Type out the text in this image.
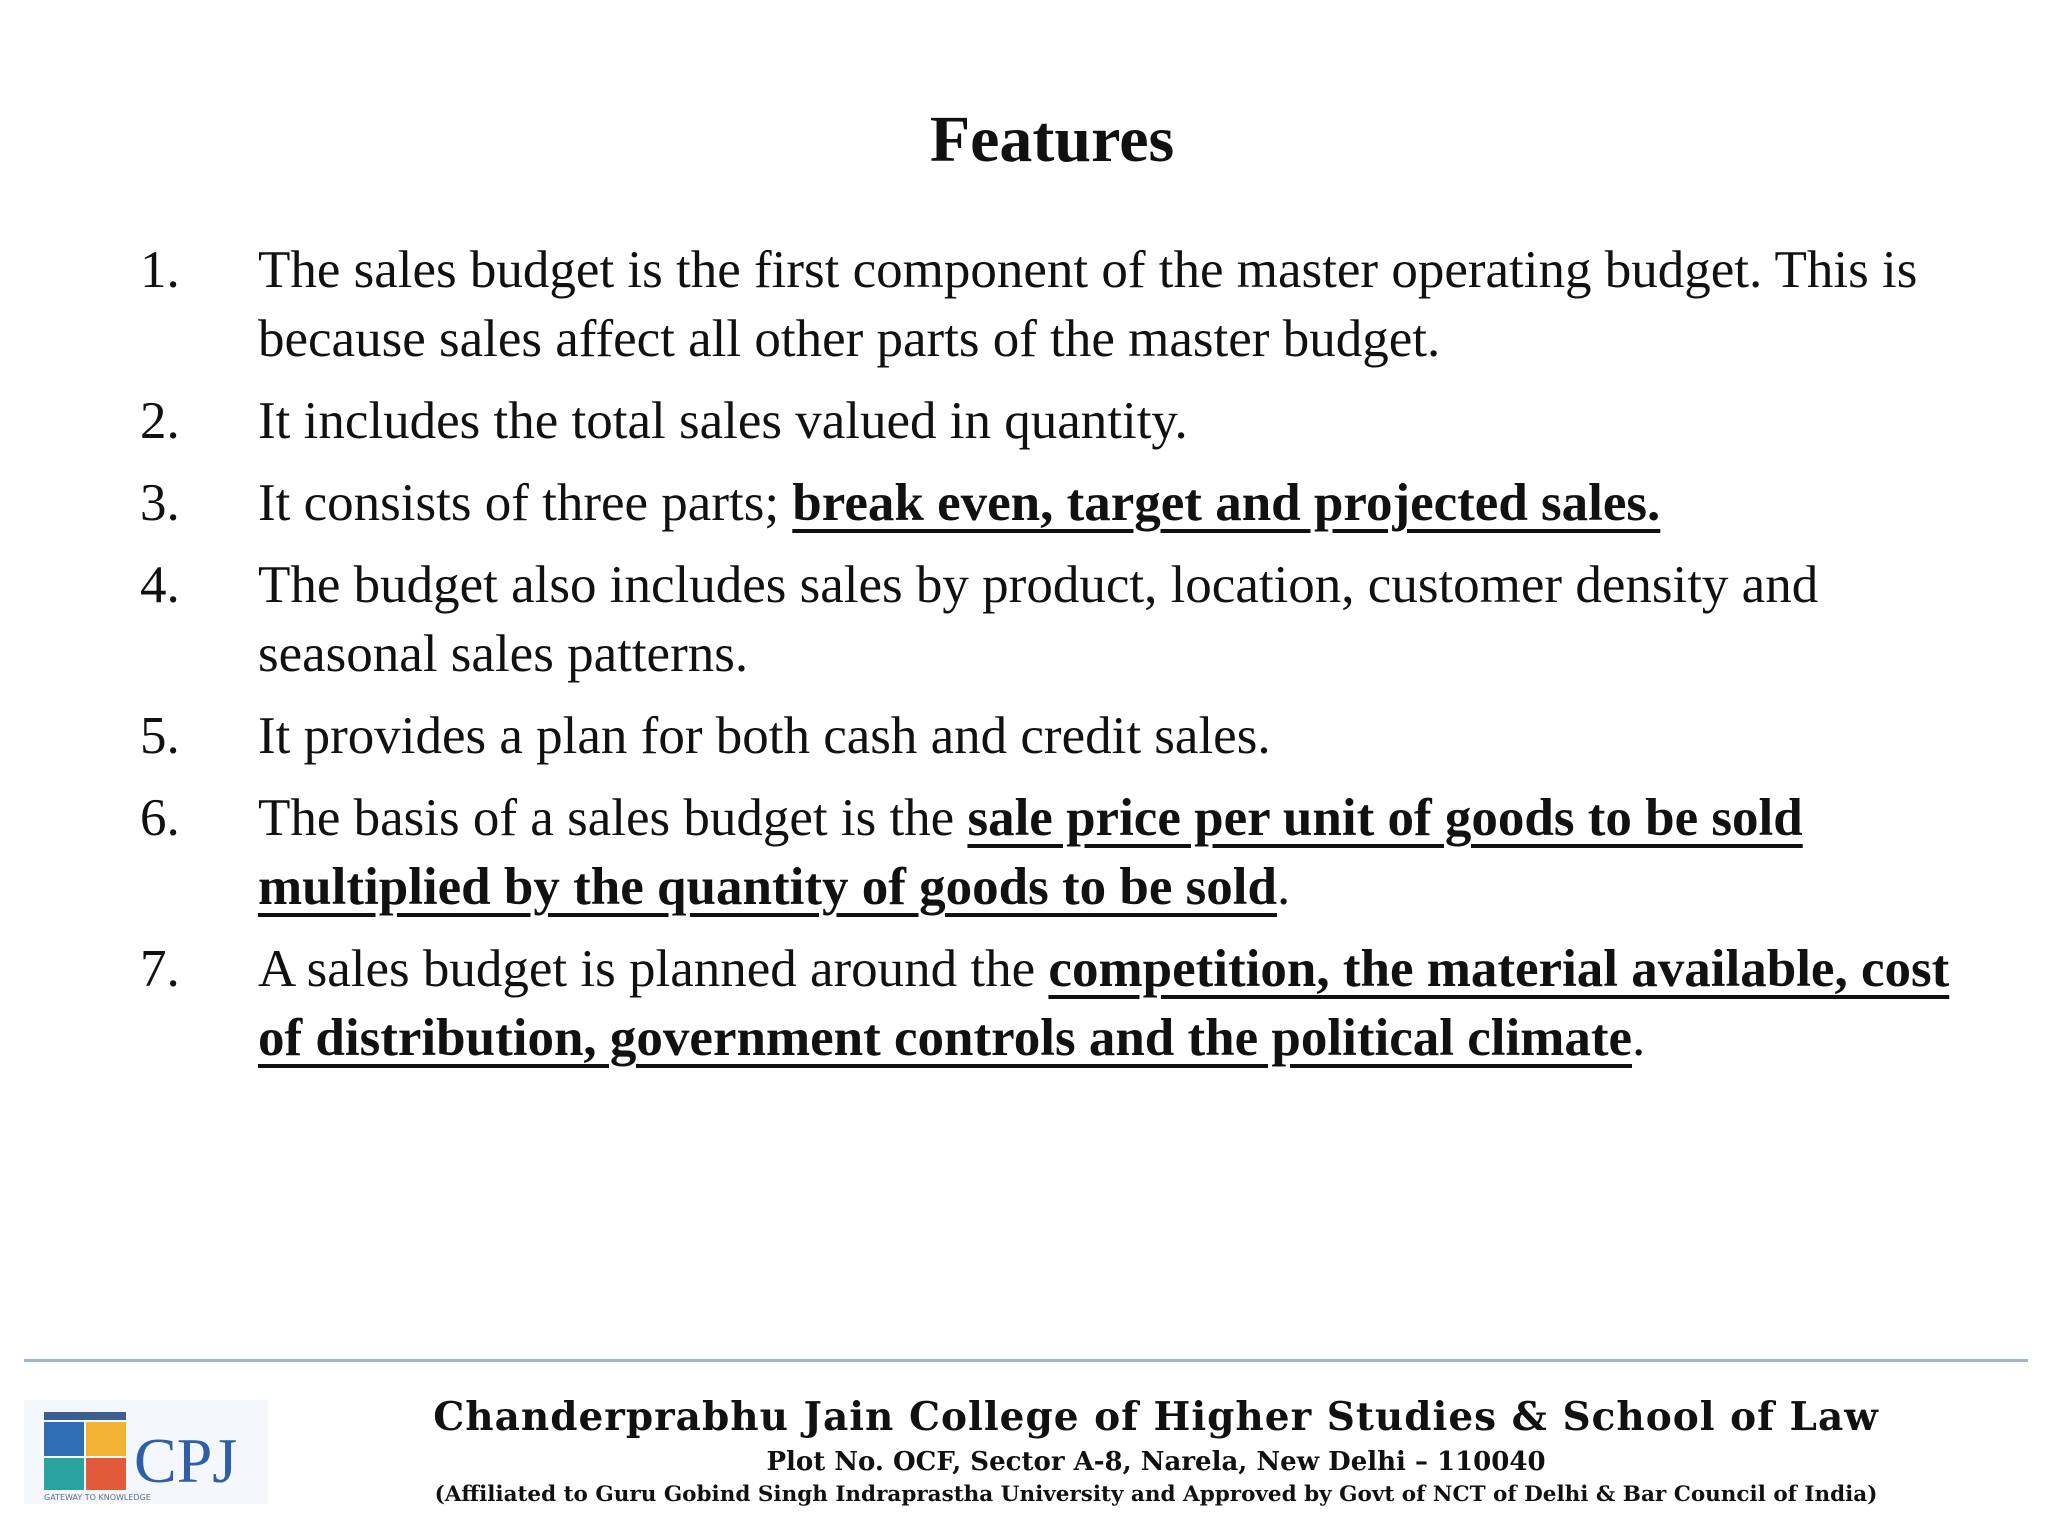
Features
1. The sales budget is the first component of the master operating budget. This is because sales affect all other parts of the master budget.
2. It includes the total sales valued in quantity.
3. It consists of three parts; break even, target and projected sales.
4. The budget also includes sales by product, location, customer density and seasonal sales patterns.
5. It provides a plan for both cash and credit sales.
6. The basis of a sales budget is the sale price per unit of goods to be sold multiplied by the quantity of goods to be sold.
7. A sales budget is planned around the competition, the material available, cost of distribution, government controls and the political climate.
CPJ
GATEWAY TO KNOWLEDGE
Chanderprabhu Jain College of Higher Studies & School of Law
Plot No. OCF, Sector A-8, Narela, New Delhi – 110040
(Affiliated to Guru Gobind Singh Indraprastha University and Approved by Govt of NCT of Delhi & Bar Council of India)
